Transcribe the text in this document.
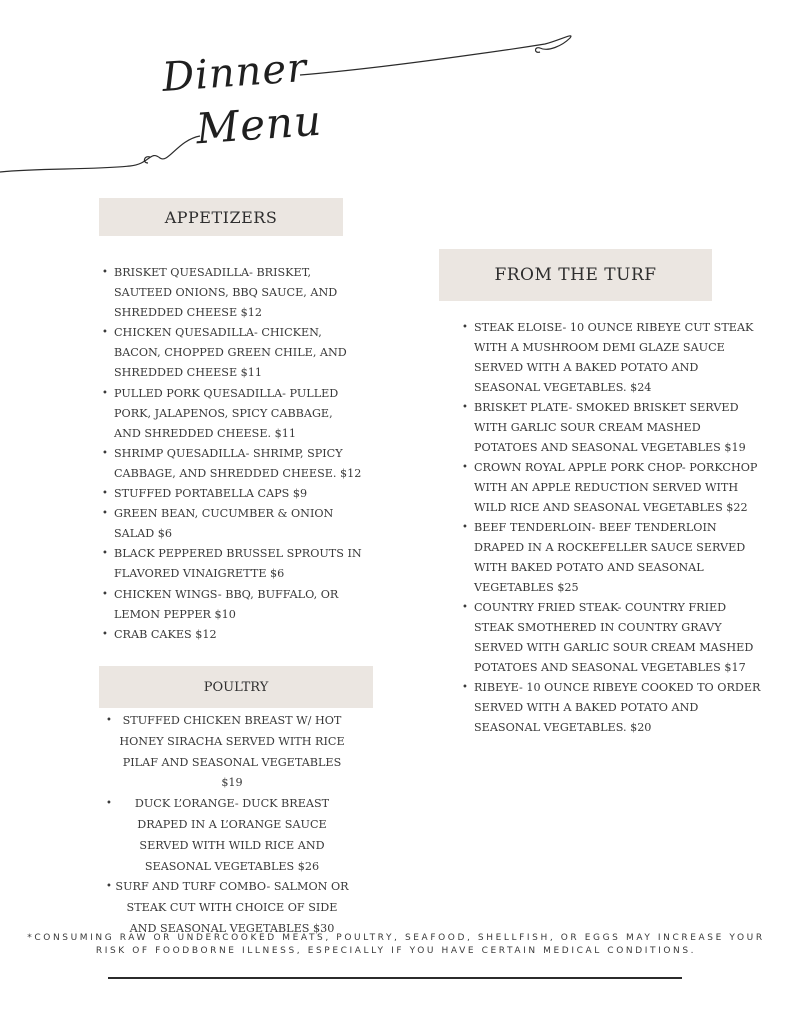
Dinner
Menu
APPETIZERS
• BRISKET QUESADILLA- BRISKET, SAUTEED ONIONS, BBQ SAUCE, AND SHREDDED CHEESE $12
• CHICKEN QUESADILLA- CHICKEN, BACON, CHOPPED GREEN CHILE, AND SHREDDED CHEESE $11
• PULLED PORK QUESADILLA- PULLED PORK, JALAPENOS, SPICY CABBAGE, AND SHREDDED CHEESE. $11
• SHRIMP QUESADILLA- SHRIMP, SPICY CABBAGE, AND SHREDDED CHEESE. $12
• STUFFED PORTABELLA CAPS $9
• GREEN BEAN, CUCUMBER & ONION SALAD $6
• BLACK PEPPERED BRUSSEL SPROUTS IN FLAVORED VINAIGRETTE $6
• CHICKEN WINGS- BBQ, BUFFALO, OR LEMON PEPPER $10
• CRAB CAKES $12
FROM THE TURF
• STEAK ELOISE- 10 OUNCE RIBEYE CUT STEAK WITH A MUSHROOM DEMI GLAZE SAUCE SERVED WITH A BAKED POTATO AND SEASONAL VEGETABLES. $24
• BRISKET PLATE- SMOKED BRISKET SERVED WITH GARLIC SOUR CREAM MASHED POTATOES AND SEASONAL VEGETABLES $19
• CROWN ROYAL APPLE PORK CHOP- PORKCHOP WITH AN APPLE REDUCTION SERVED WITH WILD RICE AND SEASONAL VEGETABLES $22
• BEEF TENDERLOIN- BEEF TENDERLOIN DRAPED IN A ROCKEFELLER SAUCE SERVED WITH BAKED POTATO AND SEASONAL VEGETABLES $25
• COUNTRY FRIED STEAK- COUNTRY FRIED STEAK SMOTHERED IN COUNTRY GRAVY SERVED WITH GARLIC SOUR CREAM MASHED POTATOES AND SEASONAL VEGETABLES $17
• RIBEYE- 10 OUNCE RIBEYE COOKED TO ORDER SERVED WITH A BAKED POTATO AND SEASONAL VEGETABLES. $20
POULTRY
• STUFFED CHICKEN BREAST W/ HOT HONEY SIRACHA SERVED WITH RICE PILAF AND SEASONAL VEGETABLES $19
• DUCK L’ORANGE- DUCK BREAST DRAPED IN A L’ORANGE SAUCE SERVED WITH WILD RICE AND SEASONAL VEGETABLES $26
• SURF AND TURF COMBO- SALMON OR STEAK CUT WITH CHOICE OF SIDE AND SEASONAL VEGETABLES $30
*CONSUMING RAW OR UNDERCOOKED MEATS, POULTRY, SEAFOOD, SHELLFISH, OR EGGS MAY INCREASE YOUR RISK OF FOODBORNE ILLNESS, ESPECIALLY IF YOU HAVE CERTAIN MEDICAL CONDITIONS.
